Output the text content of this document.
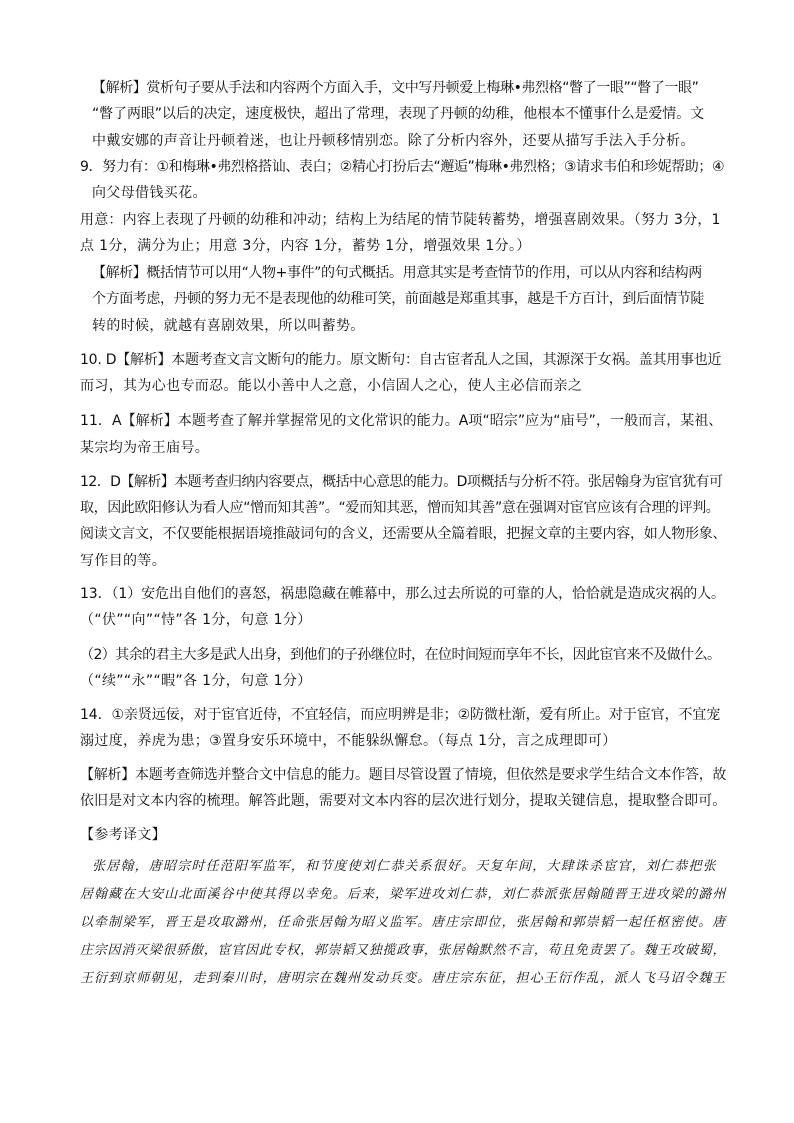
【解析】赏析句子要从手法和内容两个方面入手，文中写丹顿爱上梅琳•弗烈格“瞥了一眼”“瞥了一眼”
“瞥了两眼”以后的决定，速度极快，超出了常理，表现了丹顿的幼稚，他根本不懂事什么是爱情。文
中戴安娜的声音让丹顿着迷，也让丹顿移情别恋。除了分析内容外，还要从描写手法入手分析。
9．努力有：①和梅琳•弗烈格搭讪、表白；②精心打扮后去“邂逅”梅琳•弗烈格；③请求韦伯和珍妮帮助；④
向父母借钱买花。
用意：内容上表现了丹顿的幼稚和冲动；结构上为结尾的情节陡转蓄势，增强喜剧效果。（努力 3分，1
点 1分，满分为止；用意 3分，内容 1分，蓄势 1分，增强效果 1分。）
【解析】概括情节可以用“人物+事件”的句式概括。用意其实是考查情节的作用，可以从内容和结构两
个方面考虑，丹顿的努力无不是表现他的幼稚可笑，前面越是郑重其事，越是千方百计，到后面情节陡
转的时候，就越有喜剧效果，所以叫蓄势。
10. D【解析】本题考查文言文断句的能力。原文断句：自古宦者乱人之国，其源深于女祸。盖其用事也近
而习，其为心也专而忍。能以小善中人之意，小信固人之心，使人主必信而亲之
11．A【解析】本题考查了解并掌握常见的文化常识的能力。A项“昭宗”应为“庙号”，一般而言，某祖、
某宗均为帝王庙号。
12．D【解析】本题考查归纳内容要点，概括中心意思的能力。D项概括与分析不符。张居翰身为宦官犹有可
取，因此欧阳修认为看人应“憎而知其善”。“爱而知其恶，憎而知其善”意在强调对宦官应该有合理的评判。
阅读文言文，不仅要能根据语境推敲词句的含义，还需要从全篇着眼，把握文章的主要内容，如人物形象、
写作目的等。
13．（1）安危出自他们的喜怒，祸患隐藏在帷幕中，那么过去所说的可靠的人，恰恰就是造成灾祸的人。
（“伏”“向”“恃”各 1分，句意 1分）
（2）其余的君主大多是武人出身，到他们的子孙继位时，在位时间短而享年不长，因此宦官来不及做什么。
（“续”“永”“暇”各 1分，句意 1分）
14．①亲贤远佞，对于宦官近侍，不宜轻信，而应明辨是非；②防微杜渐，爱有所止。对于宦官，不宜宠
溺过度，养虎为患；③置身安乐环境中，不能躲纵懈怠。（每点 1分，言之成理即可）
【解析】本题考查筛选并整合文中信息的能力。题目尽管设置了情境，但依然是要求学生结合文本作答，故
依旧是对文本内容的梳理。解答此题，需要对文本内容的层次进行划分，提取关键信息，提取整合即可。
【参考译文】
张居翰，唐昭宗时任范阳军监军，和节度使刘仁恭关系很好。天复年间，大肆诛杀宦官，刘仁恭把张
居翰藏在大安山北面溪谷中使其得以幸免。后来，梁军进攻刘仁恭，刘仁恭派张居翰随晋王进攻梁的潞州
以牵制梁军，晋王是攻取潞州，任命张居翰为昭义监军。唐庄宗即位，张居翰和郭崇韬一起任枢密使。唐
庄宗因消灭梁很骄傲，宦官因此专权，郭崇韬又独揽政事，张居翰默然不言，苟且免责罢了。魏王攻破蜀，
王衍到京师朝见，走到秦川时，唐明宗在魏州发动兵变。唐庄宗东征，担心王衍作乱，派人飞马诏令魏王
